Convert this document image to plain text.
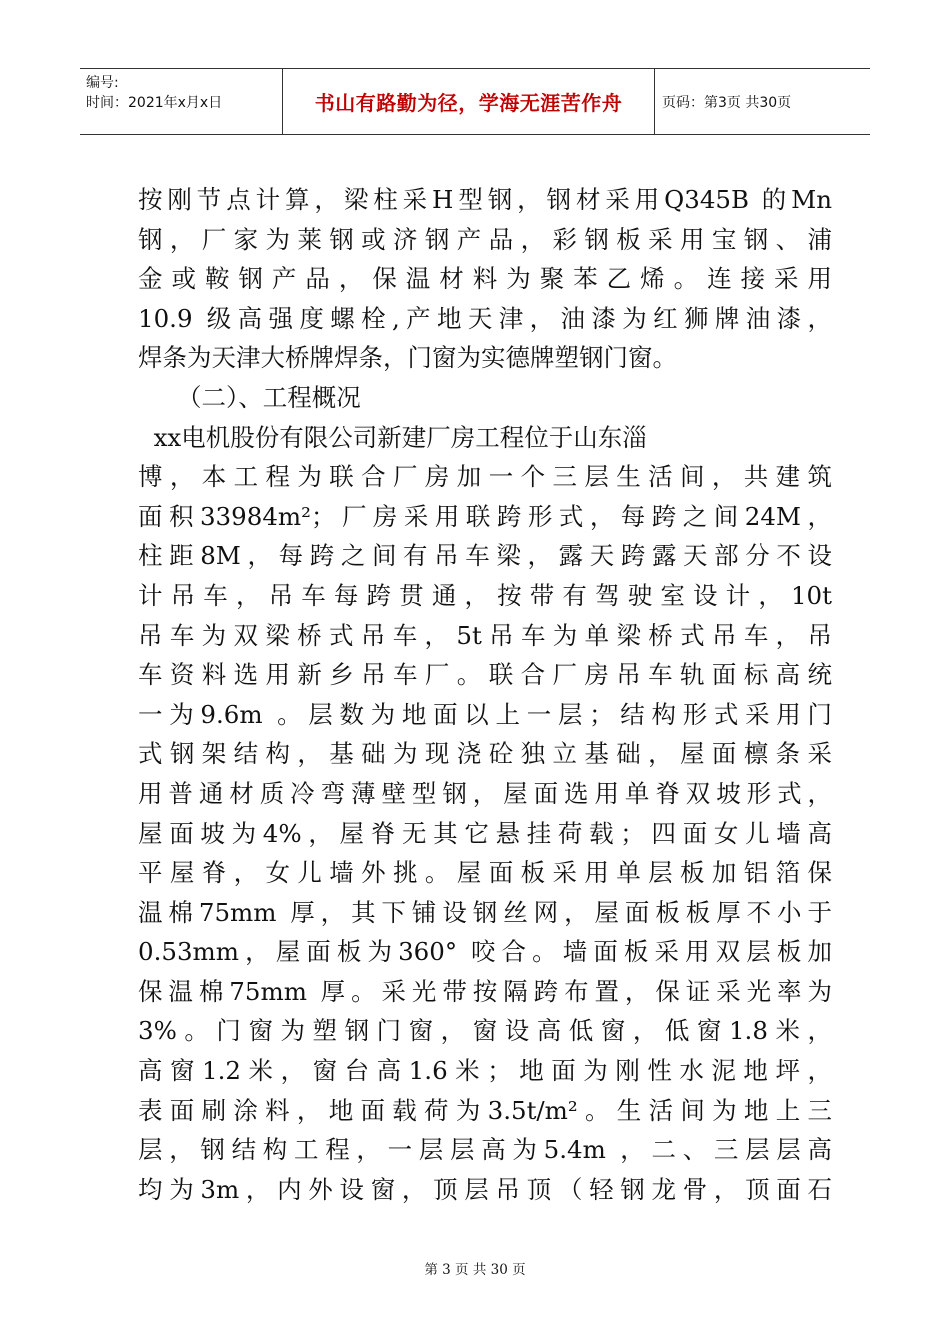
编号:
时间：2021年x月x日	书山有路勤为径，学海无涯苦作舟	页码：第3页 共30页
按刚节点计算，梁柱采H型钢，钢材采用Q345B 的Mn
钢，厂家为莱钢或济钢产品，彩钢板采用宝钢、浦
金或鞍钢产品，保温材料为聚苯乙烯。连接采用
10.9 级高强度螺栓,产地天津，油漆为红狮牌油漆，
焊条为天津大桥牌焊条，门窗为实德牌塑钢门窗。
（二）、工程概况
xx电机股份有限公司新建厂房工程位于山东淄
博，本工程为联合厂房加一个三层生活间，共建筑
面积33984m²；厂房采用联跨形式，每跨之间24M，
柱距8M，每跨之间有吊车梁，露天跨露天部分不设
计吊车，吊车每跨贯通，按带有驾驶室设计，10t
吊车为双梁桥式吊车，5t吊车为单梁桥式吊车，吊
车资料选用新乡吊车厂。联合厂房吊车轨面标高统
一为9.6m 。层数为地面以上一层；结构形式采用门
式钢架结构，基础为现浇砼独立基础，屋面檩条采
用普通材质冷弯薄壁型钢，屋面选用单脊双坡形式，
屋面坡为4%，屋脊无其它悬挂荷载；四面女儿墙高
平屋脊，女儿墙外挑。屋面板采用单层板加铝箔保
温棉75mm 厚，其下铺设钢丝网，屋面板板厚不小于
0.53mm，屋面板为360° 咬合。墙面板采用双层板加
保温棉75mm 厚。采光带按隔跨布置，保证采光率为
3%。门窗为塑钢门窗，窗设高低窗，低窗1.8米，
高窗1.2米，窗台高1.6米；地面为刚性水泥地坪，
表面刷涂料，地面载荷为3.5t/m²。生活间为地上三
层，钢结构工程，一层层高为5.4m ，二、三层层高
均为3m，内外设窗，顶层吊顶（轻钢龙骨，顶面石
第 3 页 共 30 页
